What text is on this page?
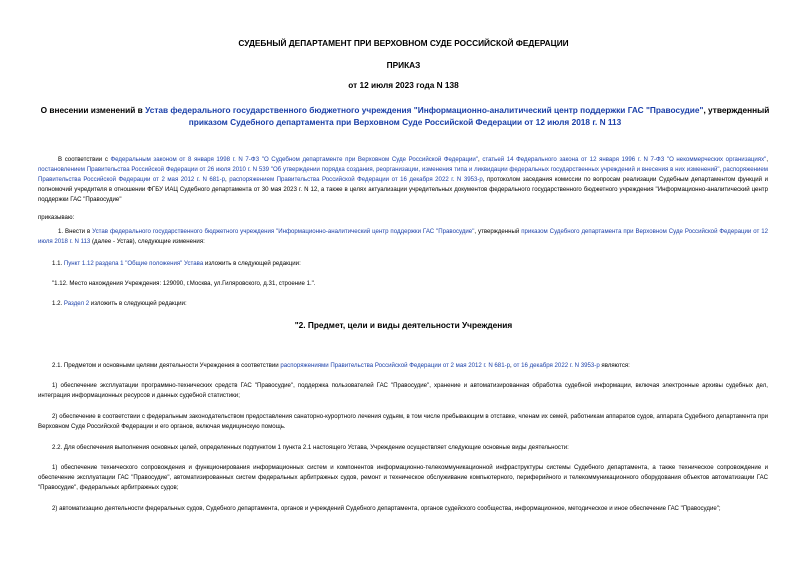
СУДЕБНЫЙ ДЕПАРТАМЕНТ ПРИ ВЕРХОВНОМ СУДЕ РОССИЙСКОЙ ФЕДЕРАЦИИ
ПРИКАЗ
от 12 июля 2023 года N 138
О внесении изменений в Устав федерального государственного бюджетного учреждения "Информационно-аналитический центр поддержки ГАС "Правосудие", утвержденный приказом Судебного департамента при Верховном Суде Российской Федерации от 12 июля 2018 г. N 113

В соответствии с Федеральным законом от 8 января 1998 г. N 7-ФЗ "О Судебном департаменте при Верховном Суде Российской Федерации", статьей 14 Федерального закона от 12 января 1996 г. N 7-ФЗ "О некоммерческих организациях", постановлением Правительства Российской Федерации от 26 июля 2010 г. N 539 "Об утверждении порядка создания, реорганизации, изменения типа и ликвидации федеральных государственных учреждений и внесения в них изменений", распоряжением Правительства Российской Федерации от 2 мая 2012 г. N 681-р, распоряжением Правительства Российской Федерации от 16 декабря 2022 г. N 3953-р, протоколом заседания комиссии по вопросам реализации Судебным департаментом функций и полномочий учредителя в отношении ФГБУ ИАЦ Судебного департамента от 30 мая 2023 г. N 12, а также в целях актуализации учредительных документов федерального государственного бюджетного учреждения "Информационно-аналитический центр поддержки ГАС "Правосудие"

приказываю:

1. Внести в Устав федерального государственного бюджетного учреждения "Информационно-аналитический центр поддержки ГАС "Правосудие", утвержденный приказом Судебного департамента при Верховном Суде Российской Федерации от 12 июля 2018 г. N 113 (далее - Устав), следующие изменения:

1.1. Пункт 1.12 раздела 1 "Общие положения" Устава изложить в следующей редакции:

"1.12. Место нахождения Учреждения: 129090, г.Москва, ул.Гиляровского, д.31, строение 1.".

1.2. Раздел 2 изложить в следующей редакции:

"2. Предмет, цели и виды деятельности Учреждения

2.1. Предметом и основными целями деятельности Учреждения в соответствии распоряжениями Правительства Российской Федерации от 2 мая 2012 г. N 681-р, от 16 декабря 2022 г. N 3953-р являются:

1) обеспечение эксплуатации программно-технических средств ГАС "Правосудие", поддержка пользователей ГАС "Правосудие", хранение и автоматизированная обработка судебной информации, включая электронные архивы судебных дел, интеграция информационных ресурсов и данных судебной статистики;

2) обеспечение в соответствии с федеральным законодательством предоставления санаторно-курортного лечения судьям, в том числе пребывающим в отставке, членам их семей, работникам аппаратов судов, аппарата Судебного департамента при Верховном Суде Российской Федерации и его органов, включая медицинскую помощь.

2.2. Для обеспечения выполнения основных целей, определенных подпунктом 1 пункта 2.1 настоящего Устава, Учреждение осуществляет следующие основные виды деятельности:

1) обеспечение технического сопровождения и функционирования информационных систем и компонентов информационно-телекоммуникационной инфраструктуры системы Судебного департамента, а также техническое сопровождение и обеспечение эксплуатации ГАС "Правосудие", автоматизированных систем федеральных арбитражных судов, ремонт и техническое обслуживание компьютерного, периферийного и телекоммуникационного оборудования объектов автоматизации ГАС "Правосудие", федеральных арбитражных судов;

2) автоматизацию деятельности федеральных судов, Судебного департамента, органов и учреждений Судебного департамента, органов судейского сообщества, информационное, методическое и иное обеспечение ГАС "Правосудие";
